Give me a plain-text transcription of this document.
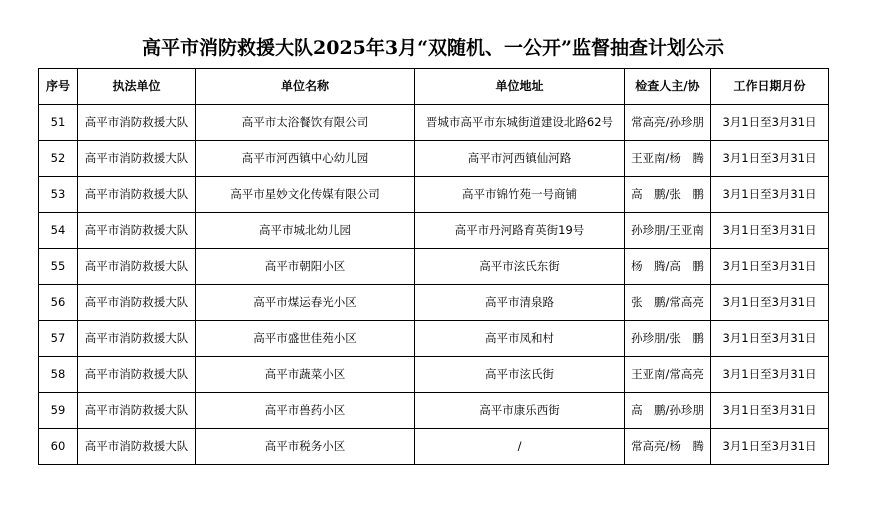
高平市消防救援大队2025年3月“双随机、一公开”监督抽查计划公示
序号	执法单位	单位名称	单位地址	检查人主/协	工作日期月份
51	高平市消防救援大队	高平市太浴餐饮有限公司	晋城市高平市东城街道建设北路62号	常高亮/孙珍朋	3月1日至3月31日
52	高平市消防救援大队	高平市河西镇中心幼儿园	高平市河西镇仙河路	王亚南/杨　腾	3月1日至3月31日
53	高平市消防救援大队	高平市星妙文化传媒有限公司	高平市锦竹苑一号商铺	高　鹏/张　鹏	3月1日至3月31日
54	高平市消防救援大队	高平市城北幼儿园	高平市丹河路育英街19号	孙珍朋/王亚南	3月1日至3月31日
55	高平市消防救援大队	高平市朝阳小区	高平市泫氏东街	杨　腾/高　鹏	3月1日至3月31日
56	高平市消防救援大队	高平市煤运春光小区	高平市清泉路	张　鹏/常高亮	3月1日至3月31日
57	高平市消防救援大队	高平市盛世佳苑小区	高平市凤和村	孙珍朋/张　鹏	3月1日至3月31日
58	高平市消防救援大队	高平市蔬菜小区	高平市泫氏街	王亚南/常高亮	3月1日至3月31日
59	高平市消防救援大队	高平市兽药小区	高平市康乐西街	高　鹏/孙珍朋	3月1日至3月31日
60	高平市消防救援大队	高平市税务小区	/	常高亮/杨　腾	3月1日至3月31日
